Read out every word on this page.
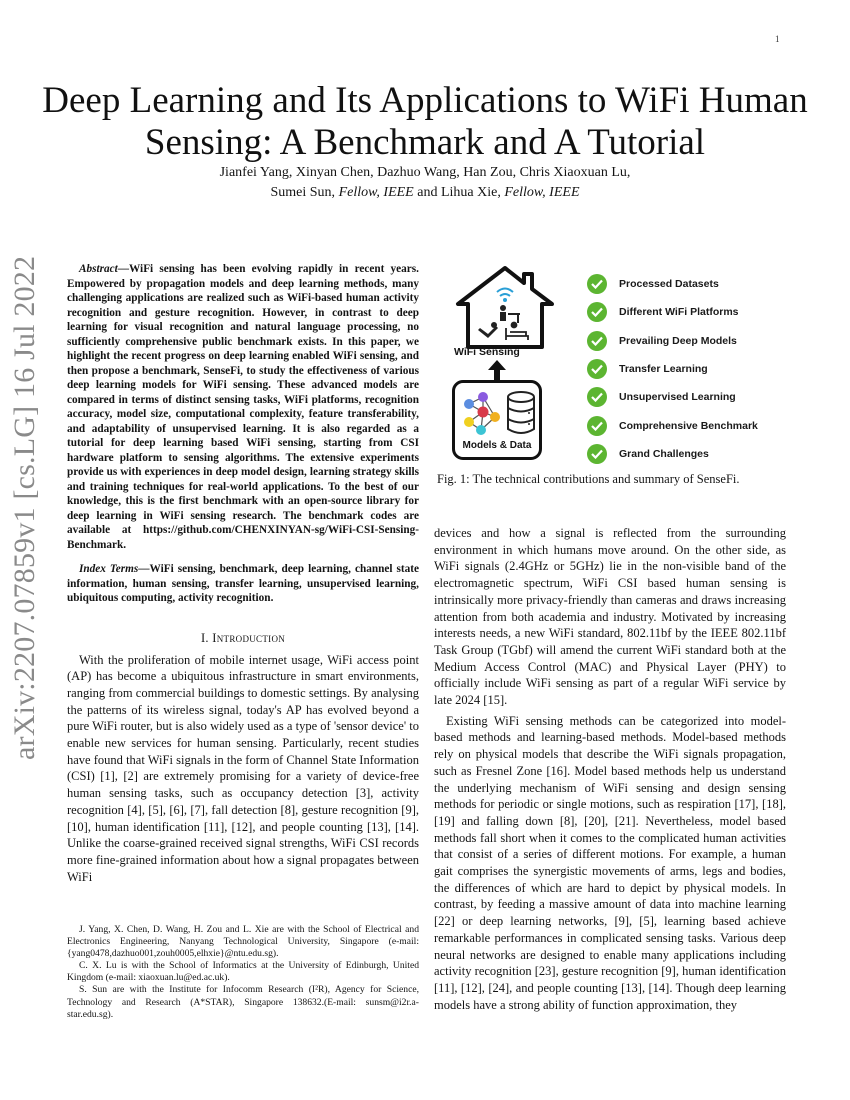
1
arXiv:2207.07859v1 [cs.LG] 16 Jul 2022
Deep Learning and Its Applications to WiFi Human
Sensing: A Benchmark and A Tutorial
Jianfei Yang, Xinyan Chen, Dazhuo Wang, Han Zou, Chris Xiaoxuan Lu,
Sumei Sun, Fellow, IEEE and Lihua Xie, Fellow, IEEE

Abstract—WiFi sensing has been evolving rapidly in recent years. Empowered by propagation models and deep learning methods, many challenging applications are realized such as WiFi-based human activity recognition and gesture recognition. However, in contrast to deep learning for visual recognition and natural language processing, no sufficiently comprehensive public benchmark exists. In this paper, we highlight the recent progress on deep learning enabled WiFi sensing, and then propose a benchmark, SenseFi, to study the effectiveness of various deep learning models for WiFi sensing. These advanced models are compared in terms of distinct sensing tasks, WiFi platforms, recognition accuracy, model size, computational complexity, feature transferability, and adaptability of unsupervised learning. It is also regarded as a tutorial for deep learning based WiFi sensing, starting from CSI hardware platform to sensing algorithms. The extensive experiments provide us with experiences in deep model design, learning strategy skills and training techniques for real-world applications. To the best of our knowledge, this is the first benchmark with an open-source library for deep learning in WiFi sensing research. The benchmark codes are available at https://github.com/CHENXINYAN-sg/WiFi-CSI-Sensing-Benchmark.

Index Terms—WiFi sensing, benchmark, deep learning, channel state information, human sensing, transfer learning, unsupervised learning, ubiquitous computing, activity recognition.

I. Introduction

With the proliferation of mobile internet usage, WiFi access point (AP) has become a ubiquitous infrastructure in smart environments, ranging from commercial buildings to domestic settings. By analysing the patterns of its wireless signal, today's AP has evolved beyond a pure WiFi router, but is also widely used as a type of 'sensor device' to enable new services for human sensing. Particularly, recent studies have found that WiFi signals in the form of Channel State Information (CSI) [1], [2] are extremely promising for a variety of device-free human sensing tasks, such as occupancy detection [3], activity recognition [4], [5], [6], [7], fall detection [8], gesture recognition [9], [10], human identification [11], [12], and people counting [13], [14]. Unlike the coarse-grained received signal strengths, WiFi CSI records more fine-grained information about how a signal propagates between WiFi

J. Yang, X. Chen, D. Wang, H. Zou and L. Xie are with the School of Electrical and Electronics Engineering, Nanyang Technological University, Singapore (e-mail: {yang0478,dazhuo001,zouh0005,elhxie}@ntu.edu.sg).

C. X. Lu is with the School of Informatics at the University of Edinburgh, United Kingdom (e-mail: xiaoxuan.lu@ed.ac.uk).

S. Sun are with the Institute for Infocomm Research (I²R), Agency for Science, Technology and Research (A*STAR), Singapore 138632.(E-mail: sunsm@i2r.a-star.edu.sg).

WiFi Sensing
Models & Data
Processed Datasets
Different WiFi Platforms
Prevailing Deep Models
Transfer Learning
Unsupervised Learning
Comprehensive Benchmark
Grand Challenges
Fig. 1: The technical contributions and summary of SenseFi.

devices and how a signal is reflected from the surrounding environment in which humans move around. On the other side, as WiFi signals (2.4GHz or 5GHz) lie in the non-visible band of the electromagnetic spectrum, WiFi CSI based human sensing is intrinsically more privacy-friendly than cameras and draws increasing attention from both academia and industry. Motivated by increasing interests needs, a new WiFi standard, 802.11bf by the IEEE 802.11bf Task Group (TGbf) will amend the current WiFi standard both at the Medium Access Control (MAC) and Physical Layer (PHY) to officially include WiFi sensing as part of a regular WiFi service by late 2024 [15].

Existing WiFi sensing methods can be categorized into model-based methods and learning-based methods. Model-based methods rely on physical models that describe the WiFi signals propagation, such as Fresnel Zone [16]. Model based methods help us understand the underlying mechanism of WiFi sensing and design sensing methods for periodic or single motions, such as respiration [17], [18], [19] and falling down [8], [20], [21]. Nevertheless, model based methods fall short when it comes to the complicated human activities that consist of a series of different motions. For example, a human gait comprises the synergistic movements of arms, legs and bodies, the differences of which are hard to depict by physical models. In contrast, by feeding a massive amount of data into machine learning [22] or deep learning networks, [9], [5], learning based achieve remarkable performances in complicated sensing tasks. Various deep neural networks are designed to enable many applications including activity recognition [23], gesture recognition [9], human identification [11], [12], [24], and people counting [13], [14]. Though deep learning models have a strong ability of function approximation, they
